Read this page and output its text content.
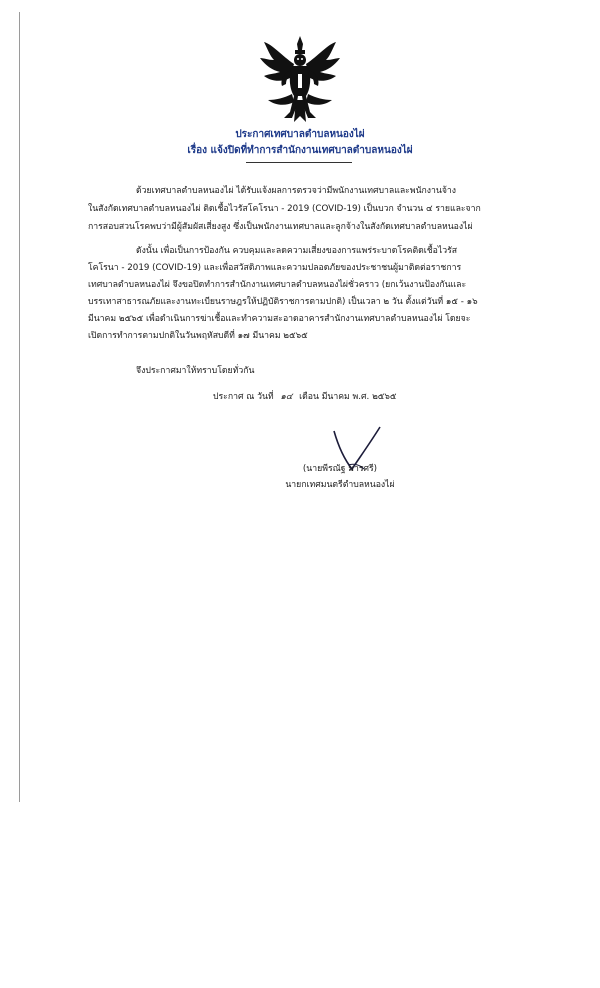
ประกาศเทศบาลตำบลหนองไผ่
เรื่อง แจ้งปิดที่ทำการสำนักงานเทศบาลตำบลหนองไผ่
ด้วยเทศบาลตำบลหนองไผ่ ได้รับแจ้งผลการตรวจว่ามีพนักงานเทศบาลและพนักงานจ้าง
ในสังกัดเทศบาลตำบลหนองไผ่ ติดเชื้อไวรัสโคโรนา - 2019 (COVID-19) เป็นบวก จำนวน ๔ รายและจาก
การสอบสวนโรคพบว่ามีผู้สัมผัสเสี่ยงสูง ซึ่งเป็นพนักงานเทศบาลและลูกจ้างในสังกัดเทศบาลตำบลหนองไผ่
ดังนั้น เพื่อเป็นการป้องกัน ควบคุมและลดความเสี่ยงของการแพร่ระบาดโรคติดเชื้อไวรัส
โคโรนา - 2019 (COVID-19) และเพื่อสวัสดิภาพและความปลอดภัยของประชาชนผู้มาติดต่อราชการ
เทศบาลตำบลหนองไผ่ จึงขอปิดทำการสำนักงานเทศบาลตำบลหนองไผ่ชั่วคราว (ยกเว้นงานป้องกันและ
บรรเทาสาธารณภัยและงานทะเบียนราษฎรให้ปฏิบัติราชการตามปกติ) เป็นเวลา ๒ วัน ตั้งแต่วันที่ ๑๕ - ๑๖
มีนาคม ๒๕๖๕ เพื่อดำเนินการฆ่าเชื้อและทำความสะอาดอาคารสำนักงานเทศบาลตำบลหนองไผ่ โดยจะ
เปิดการทำการตามปกติในวันพฤหัสบดีที่ ๑๗ มีนาคม ๒๕๖๕
จึงประกาศมาให้ทราบโดยทั่วกัน
ประกาศ ณ วันที่ ๑๔ เดือน มีนาคม พ.ศ. ๒๕๖๕
(นายพีรณัฐ มารศรี)
นายกเทศมนตรีตำบลหนองไผ่
